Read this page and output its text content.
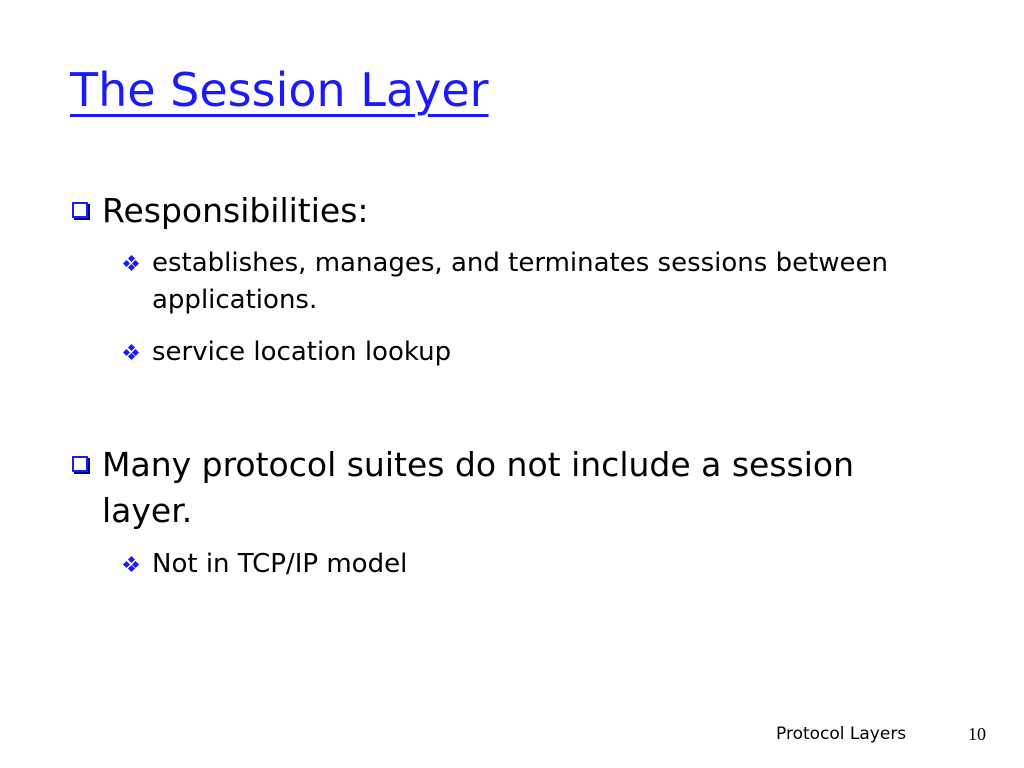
The Session Layer
Responsibilities:
establishes, manages, and terminates sessions between applications.
service location lookup
Many protocol suites do not include a session layer.
Not in TCP/IP model
Protocol Layers	10
